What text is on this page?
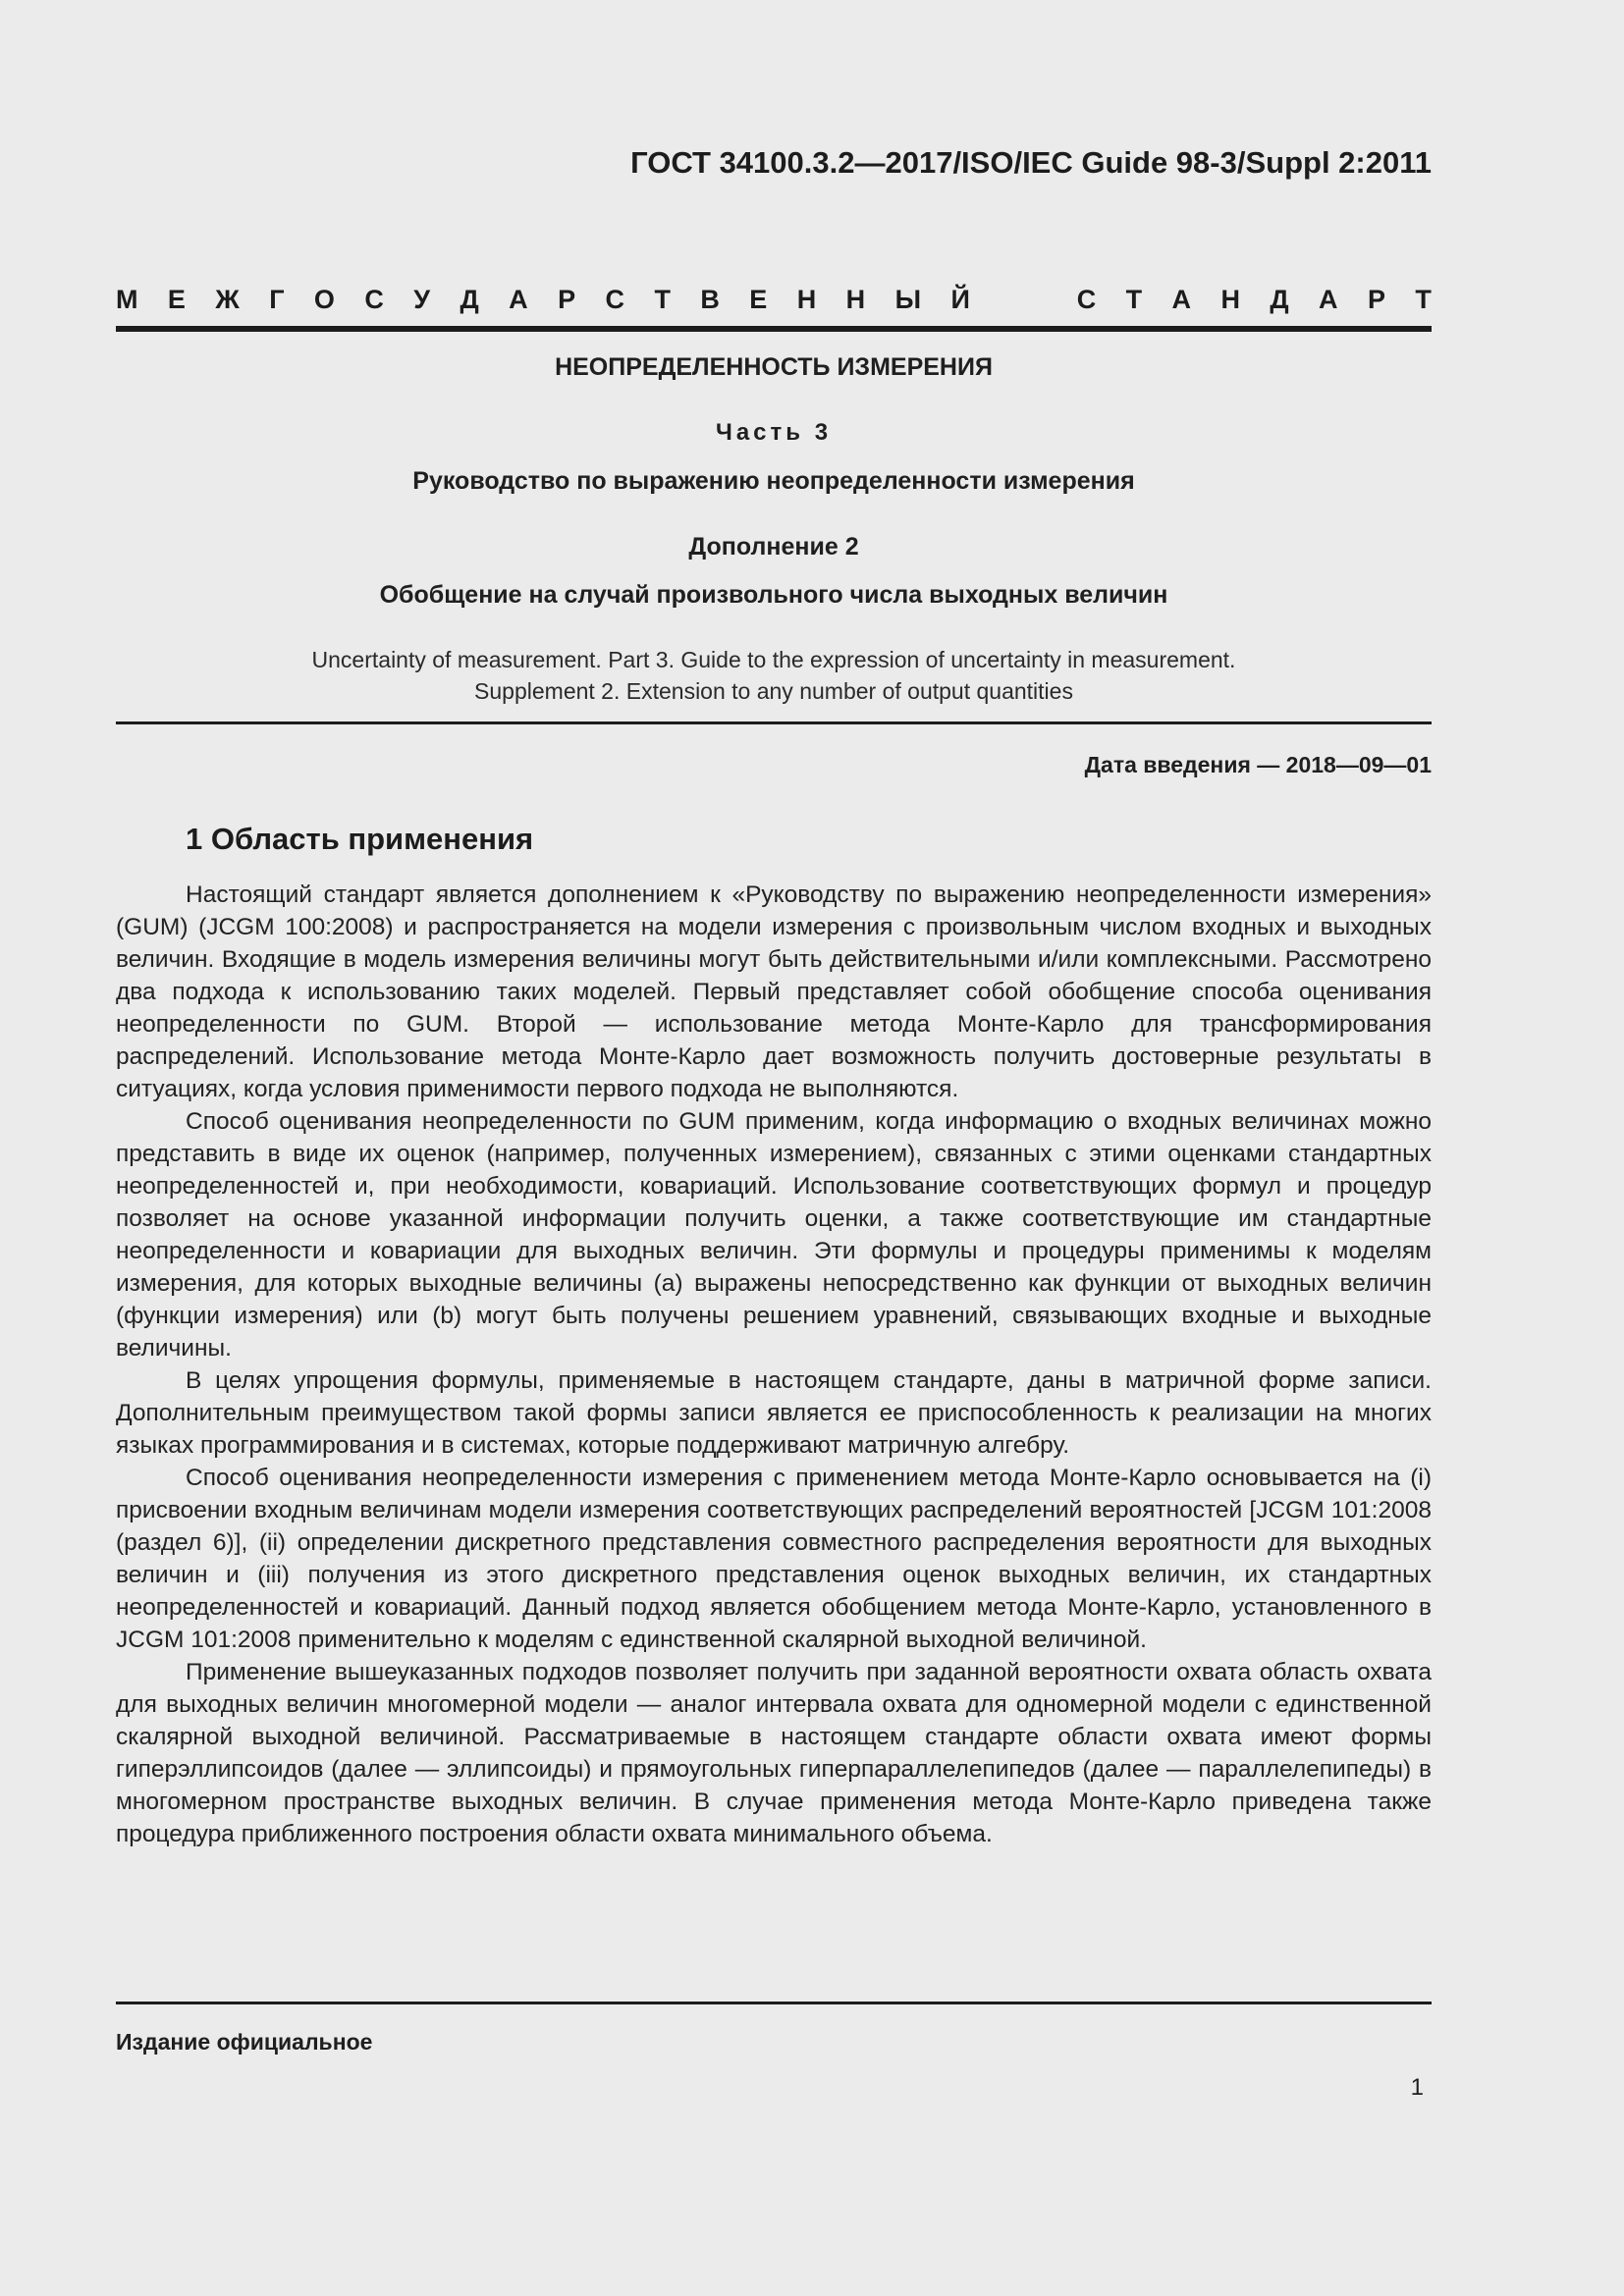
ГОСТ 34100.3.2—2017/ISO/IEC Guide 98-3/Suppl 2:2011
М Е Ж Г О С У Д А Р С Т В Е Н Н Ы Й	С Т А Н Д А Р Т
НЕОПРЕДЕЛЕННОСТЬ ИЗМЕРЕНИЯ
Часть 3
Руководство по выражению неопределенности измерения
Дополнение 2
Обобщение на случай произвольного числа выходных величин
Uncertainty of measurement. Part 3. Guide to the expression of uncertainty in measurement.
Supplement 2. Extension to any number of output quantities
Дата введения — 2018—09—01
1 Область применения

Настоящий стандарт является дополнением к «Руководству по выражению неопределенности измерения» (GUM) (JCGM 100:2008) и распространяется на модели измерения с произвольным числом входных и выходных величин. Входящие в модель измерения величины могут быть действительными и/или комплексными. Рассмотрено два подхода к использованию таких моделей. Первый представляет собой обобщение способа оценивания неопределенности по GUM. Второй — использование метода Монте-Карло для трансформирования распределений. Использование метода Монте-Карло дает возможность получить достоверные результаты в ситуациях, когда условия применимости первого подхода не выполняются.

Способ оценивания неопределенности по GUM применим, когда информацию о входных величинах можно представить в виде их оценок (например, полученных измерением), связанных с этими оценками стандартных неопределенностей и, при необходимости, ковариаций. Использование соответствующих формул и процедур позволяет на основе указанной информации получить оценки, а также соответствующие им стандартные неопределенности и ковариации для выходных величин. Эти формулы и процедуры применимы к моделям измерения, для которых выходные величины (a) выражены непосредственно как функции от выходных величин (функции измерения) или (b) могут быть получены решением уравнений, связывающих входные и выходные величины.

В целях упрощения формулы, применяемые в настоящем стандарте, даны в матричной форме записи. Дополнительным преимуществом такой формы записи является ее приспособленность к реализации на многих языках программирования и в системах, которые поддерживают матричную алгебру.

Способ оценивания неопределенности измерения с применением метода Монте-Карло основывается на (i) присвоении входным величинам модели измерения соответствующих распределений вероятностей [JCGM 101:2008 (раздел 6)], (ii) определении дискретного представления совместного распределения вероятности для выходных величин и (iii) получения из этого дискретного представления оценок выходных величин, их стандартных неопределенностей и ковариаций. Данный подход является обобщением метода Монте-Карло, установленного в JCGM 101:2008 применительно к моделям с единственной скалярной выходной величиной.

Применение вышеуказанных подходов позволяет получить при заданной вероятности охвата область охвата для выходных величин многомерной модели — аналог интервала охвата для одномерной модели с единственной скалярной выходной величиной. Рассматриваемые в настоящем стандарте области охвата имеют формы гиперэллипсоидов (далее — эллипсоиды) и прямоугольных гиперпараллелепипедов (далее — параллелепипеды) в многомерном пространстве выходных величин. В случае применения метода Монте-Карло приведена также процедура приближенного построения области охвата минимального объема.

Издание официальное
1
